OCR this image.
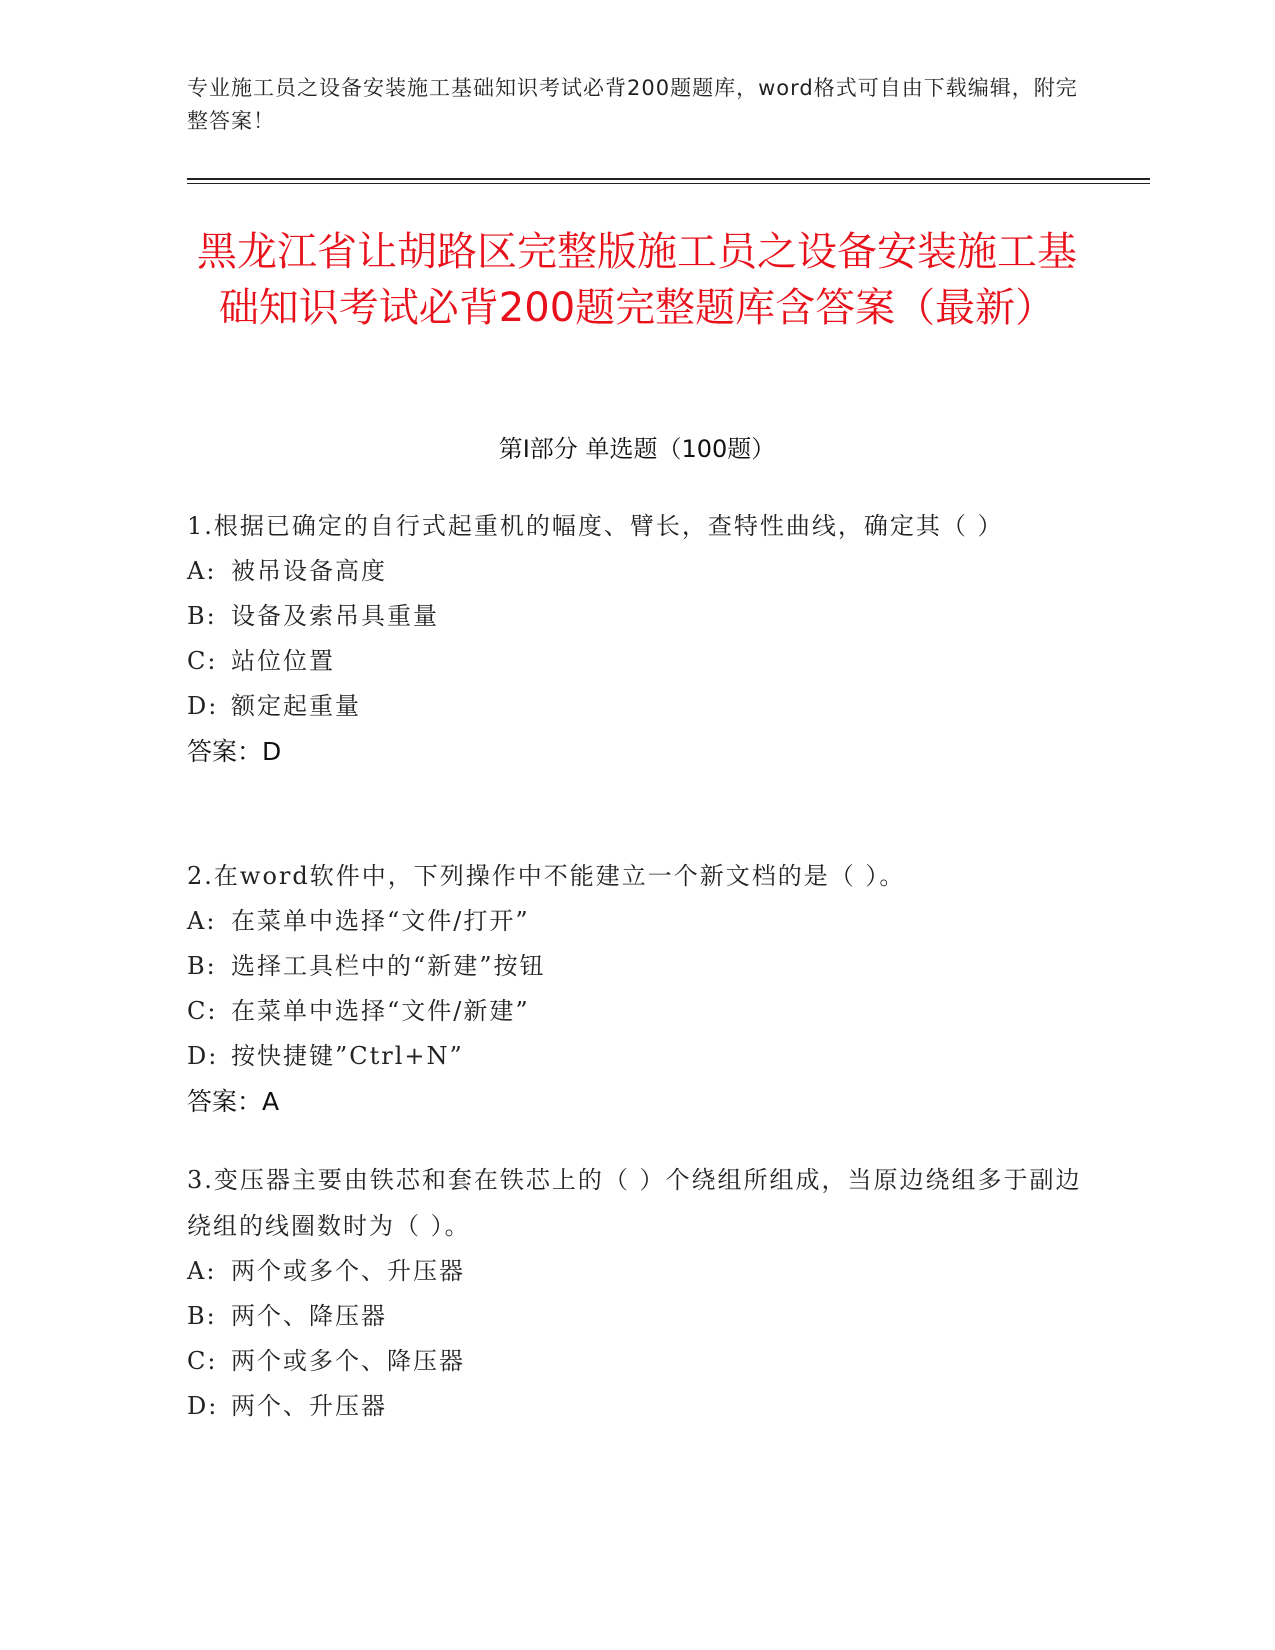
专业施工员之设备安装施工基础知识考试必背200题题库，word格式可自由下载编辑，附完整答案！
黑龙江省让胡路区完整版施工员之设备安装施工基础知识考试必背200题完整题库含答案（最新）
第Ⅰ部分 单选题（100题）

1.根据已确定的自行式起重机的幅度、臂长，查特性曲线，确定其（ ）

A: 被吊设备高度

B: 设备及索吊具重量

C: 站位位置

D: 额定起重量

答案：D

2.在word软件中，下列操作中不能建立一个新文档的是（ ）。

A: 在菜单中选择“文件/打开”

B: 选择工具栏中的“新建”按钮

C: 在菜单中选择“文件/新建”

D: 按快捷键”Ctrl+N”

答案：A

3.变压器主要由铁芯和套在铁芯上的（ ）个绕组所组成，当原边绕组多于副边绕组的线圈数时为（ ）。

A: 两个或多个、升压器

B: 两个、降压器

C: 两个或多个、降压器

D: 两个、升压器
